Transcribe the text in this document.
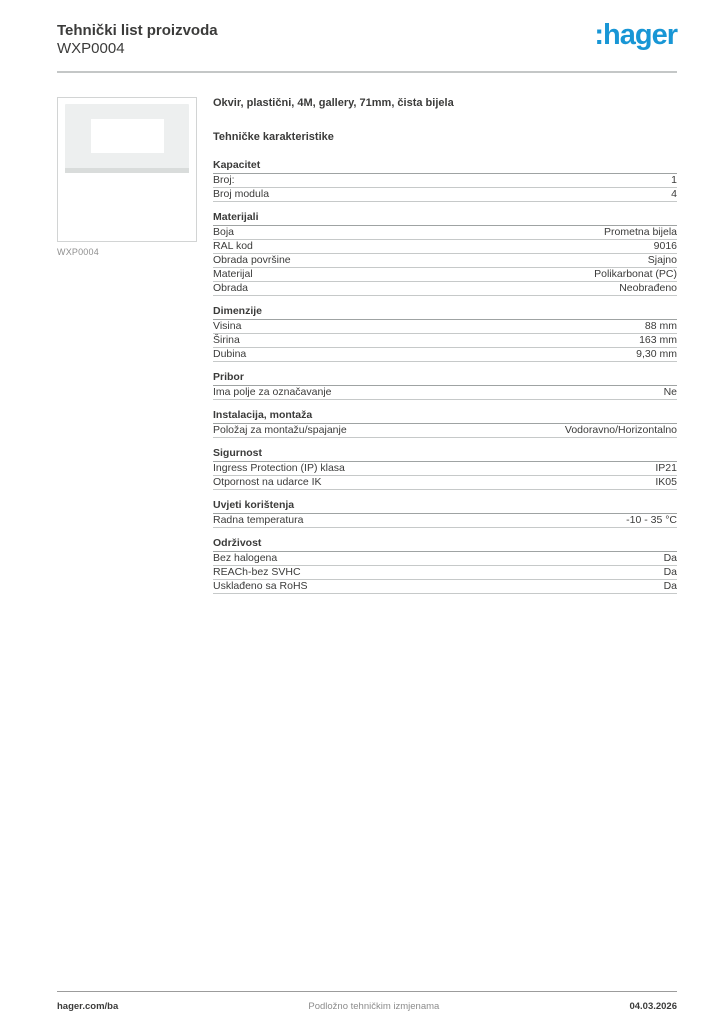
Tehnički list proizvoda
WXP0004	:hager
WXP0004
Okvir, plastični, 4M, gallery, 71mm, čista bijela
Tehničke karakteristike
Kapacitet
Broj:	1
Broj modula	4
Materijali
Boja	Prometna bijela
RAL kod	9016
Obrada površine	Sjajno
Materijal	Polikarbonat (PC)
Obrada	Neobrađeno
Dimenzije
Visina	88 mm
Širina	163 mm
Dubina	9,30 mm
Pribor
Ima polje za označavanje	Ne
Instalacija, montaža
Položaj za montažu/spajanje	Vodoravno/Horizontalno
Sigurnost
Ingress Protection (IP) klasa	IP21
Otpornost na udarce IK	IK05
Uvjeti korištenja
Radna temperatura	-10 - 35 °C
Održivost
Bez halogena	Da
REACh-bez SVHC	Da
Usklađeno sa RoHS	Da
hager.com/ba	Podložno tehničkim izmjenama	04.03.2026
